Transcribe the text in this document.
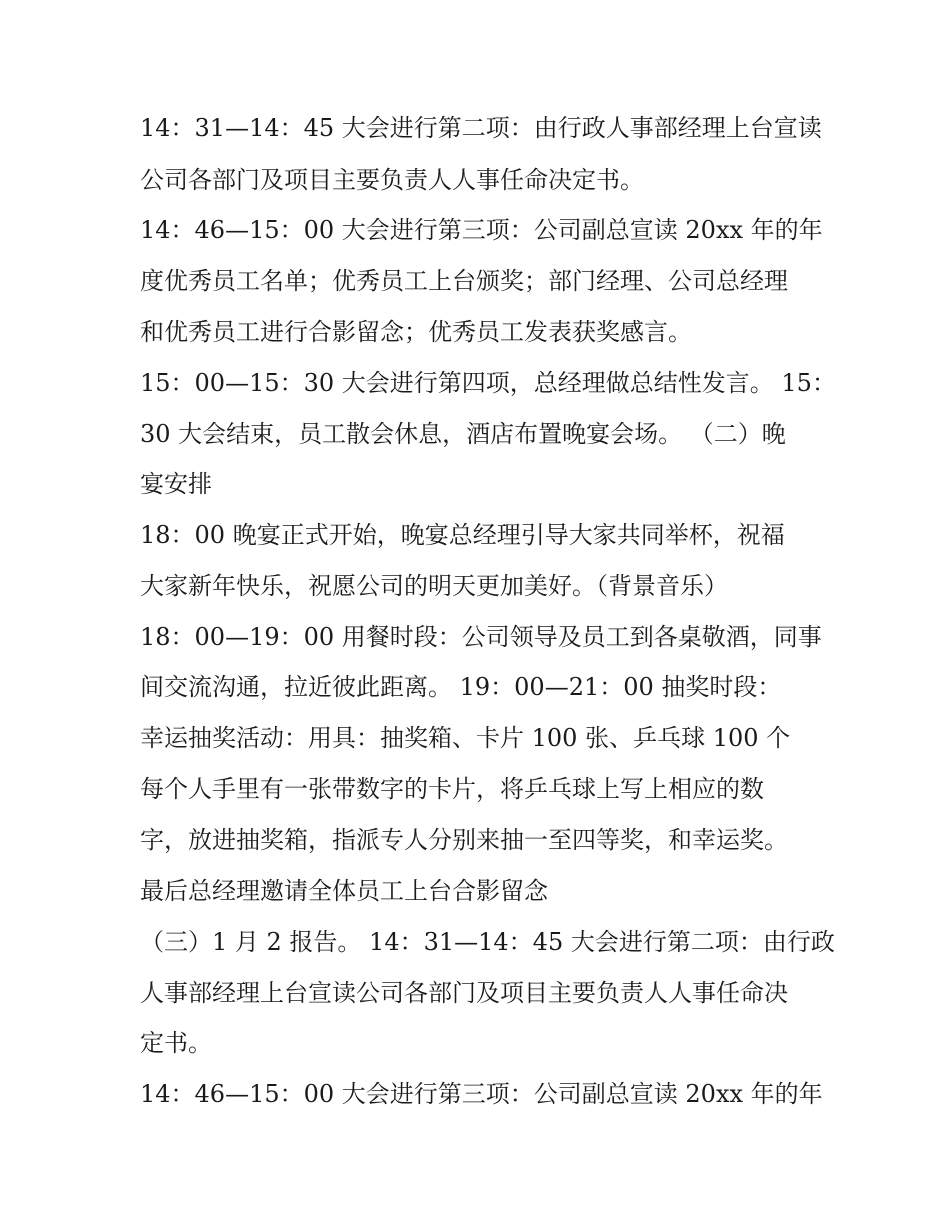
14：31—14：45 大会进行第二项：由行政人事部经理上台宣读
公司各部门及项目主要负责人人事任命决定书。
14：46—15：00 大会进行第三项：公司副总宣读 20xx 年的年
度优秀员工名单；优秀员工上台颁奖；部门经理、公司总经理
和优秀员工进行合影留念；优秀员工发表获奖感言。
15：00—15：30 大会进行第四项，总经理做总结性发言。 15：
30 大会结束，员工散会休息，酒店布置晚宴会场。 （二）晚
宴安排
18：00 晚宴正式开始，晚宴总经理引导大家共同举杯，祝福
大家新年快乐，祝愿公司的明天更加美好。（背景音乐）
18：00—19：00 用餐时段：公司领导及员工到各桌敬酒，同事
间交流沟通，拉近彼此距离。 19：00—21：00 抽奖时段：
幸运抽奖活动：用具：抽奖箱、卡片 100 张、乒乓球 100 个
每个人手里有一张带数字的卡片，将乒乓球上写上相应的数
字，放进抽奖箱，指派专人分别来抽一至四等奖，和幸运奖。
最后总经理邀请全体员工上台合影留念
（三）1 月 2 报告。 14：31—14：45 大会进行第二项：由行政
人事部经理上台宣读公司各部门及项目主要负责人人事任命决
定书。
14：46—15：00 大会进行第三项：公司副总宣读 20xx 年的年
